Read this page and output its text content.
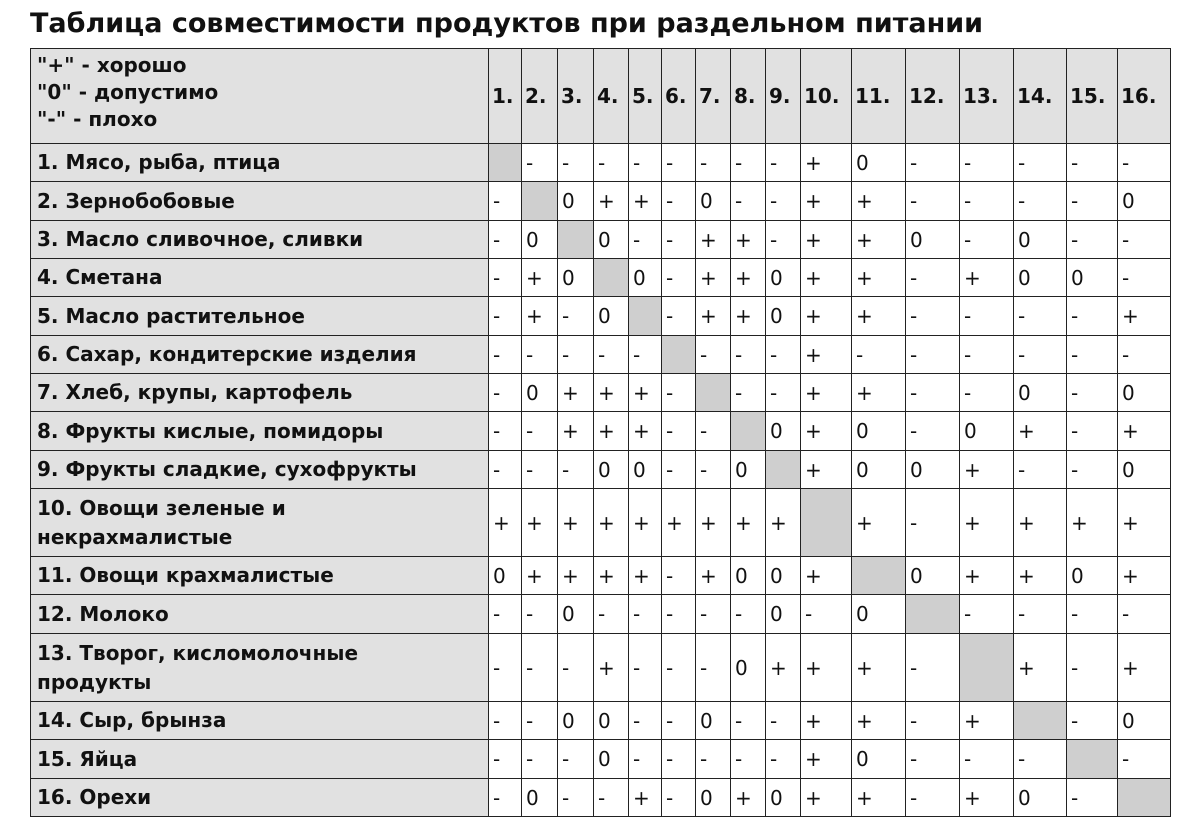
Таблица совместимости продуктов при раздельном питании
"+" - хорошо
"0" - допустимо
"-" - плохо	1.	2.	3.	4.	5.	6.	7.	8.	9.	10.	11.	12.	13.	14.	15.	16.

1. Мясо, рыба, птица		-	-	-	-	-	-	-	-	+	0	-	-	-	-	-

2. Зернобобовые	-		0	+	+	-	0	-	-	+	+	-	-	-	-	0

3. Масло сливочное, сливки	-	0		0	-	-	+	+	-	+	+	0	-	0	-	-

4. Сметана	-	+	0		0	-	+	+	0	+	+	-	+	0	0	-

5. Масло растительное	-	+	-	0		-	+	+	0	+	+	-	-	-	-	+

6. Сахар, кондитерские изделия	-	-	-	-	-		-	-	-	+	-	-	-	-	-	-

7. Хлеб, крупы, картофель	-	0	+	+	+	-		-	-	+	+	-	-	0	-	0

8. Фрукты кислые, помидоры	-	-	+	+	+	-	-		0	+	0	-	0	+	-	+

9. Фрукты сладкие, сухофрукты	-	-	-	0	0	-	-	0		+	0	0	+	-	-	0

10. Овощи зеленые и
некрахмалистые	+	+	+	+	+	+	+	+	+		+	-	+	+	+	+

11. Овощи крахмалистые	0	+	+	+	+	-	+	0	0	+		0	+	+	0	+

12. Молоко	-	-	0	-	-	-	-	-	0	-	0		-	-	-	-

13. Творог, кисломолочные
продукты	-	-	-	+	-	-	-	0	+	+	+	-		+	-	+

14. Сыр, брынза	-	-	0	0	-	-	0	-	-	+	+	-	+		-	0

15. Яйца	-	-	-	0	-	-	-	-	-	+	0	-	-	-		-

16. Орехи	-	0	-	-	+	-	0	+	0	+	+	-	+	0	-	
